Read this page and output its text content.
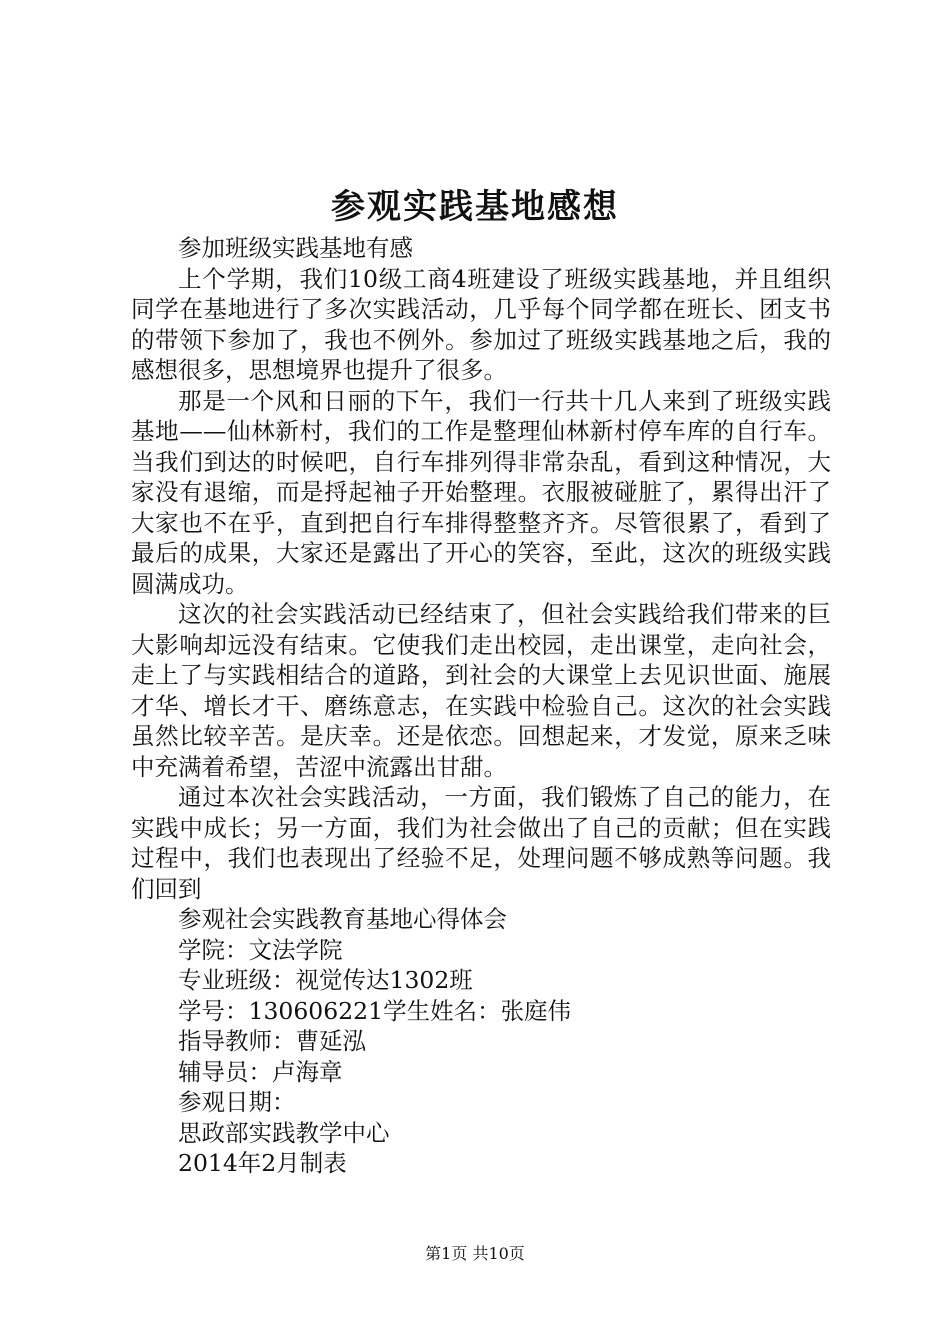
参观实践基地感想

参加班级实践基地有感

上个学期，我们10级工商4班建设了班级实践基地，并且组织同学在基地进行了多次实践活动，几乎每个同学都在班长、团支书的带领下参加了，我也不例外。参加过了班级实践基地之后，我的感想很多，思想境界也提升了很多。

那是一个风和日丽的下午，我们一行共十几人来到了班级实践基地——仙林新村，我们的工作是整理仙林新村停车库的自行车。当我们到达的时候吧，自行车排列得非常杂乱，看到这种情况，大家没有退缩，而是捋起袖子开始整理。衣服被碰脏了，累得出汗了大家也不在乎，直到把自行车排得整整齐齐。尽管很累了，看到了最后的成果，大家还是露出了开心的笑容，至此，这次的班级实践圆满成功。

这次的社会实践活动已经结束了，但社会实践给我们带来的巨大影响却远没有结束。它使我们走出校园，走出课堂，走向社会，走上了与实践相结合的道路，到社会的大课堂上去见识世面、施展才华、增长才干、磨练意志，在实践中检验自己。这次的社会实践虽然比较辛苦。是庆幸。还是依恋。回想起来，才发觉，原来乏味中充满着希望，苦涩中流露出甘甜。

通过本次社会实践活动，一方面，我们锻炼了自己的能力，在实践中成长；另一方面，我们为社会做出了自己的贡献；但在实践过程中，我们也表现出了经验不足，处理问题不够成熟等问题。我们回到

参观社会实践教育基地心得体会

学院：文法学院

专业班级：视觉传达1302班

学号：130606221学生姓名：张庭伟

指导教师：曹延泓

辅导员：卢海章

参观日期：

思政部实践教学中心

2014年2月制表

第1页 共10页
